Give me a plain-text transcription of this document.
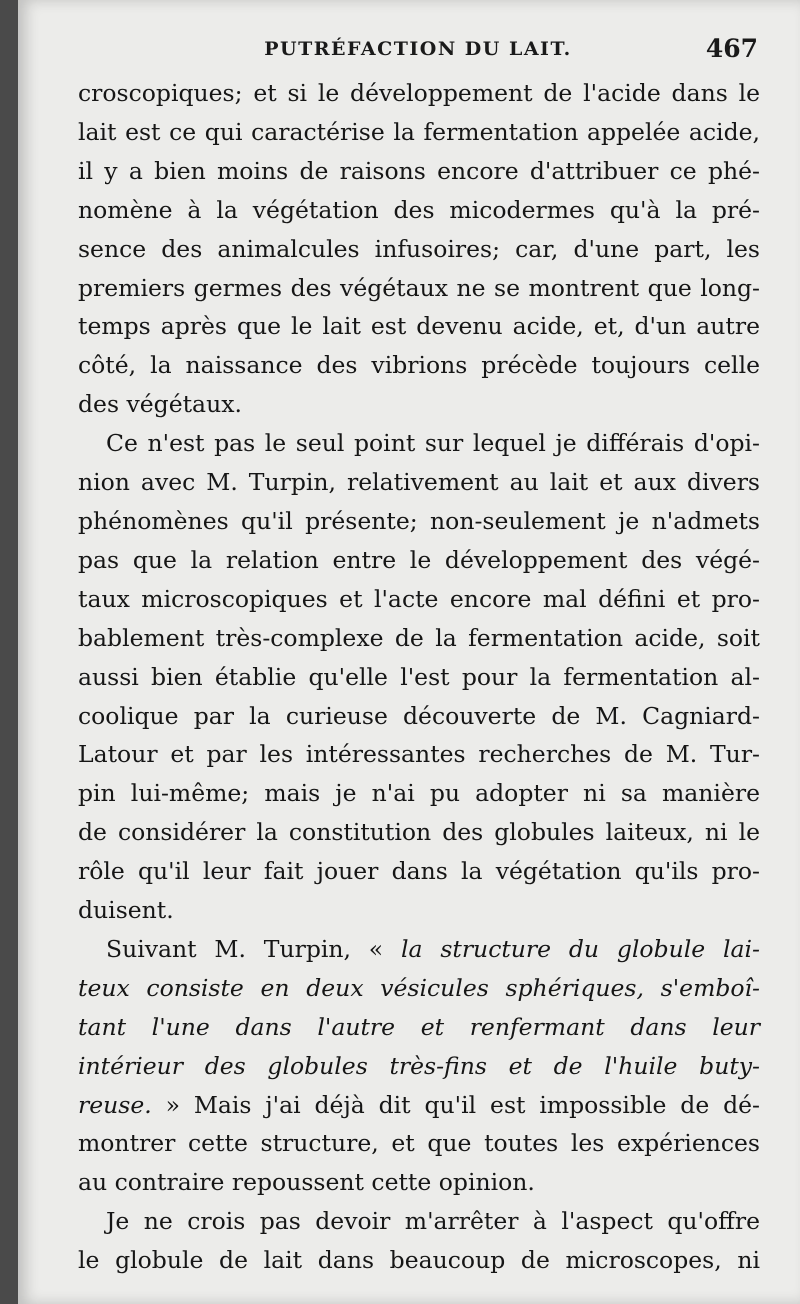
PUTRÉFACTION DU LAIT.	467
croscopiques; et si le développement de l'acide dans le
lait est ce qui caractérise la fermentation appelée acide,
il y a bien moins de raisons encore d'attribuer ce phé-
nomène à la végétation des micodermes qu'à la pré-
sence des animalcules infusoires; car, d'une part, les
premiers germes des végétaux ne se montrent que long-
temps après que le lait est devenu acide, et, d'un autre
côté, la naissance des vibrions précède toujours celle
des végétaux.
Ce n'est pas le seul point sur lequel je différais d'opi-
nion avec M. Turpin, relativement au lait et aux divers
phénomènes qu'il présente; non-seulement je n'admets
pas que la relation entre le développement des végé-
taux microscopiques et l'acte encore mal défini et pro-
bablement très-complexe de la fermentation acide, soit
aussi bien établie qu'elle l'est pour la fermentation al-
coolique par la curieuse découverte de M. Cagniard-
Latour et par les intéressantes recherches de M. Tur-
pin lui-même; mais je n'ai pu adopter ni sa manière
de considérer la constitution des globules laiteux, ni le
rôle qu'il leur fait jouer dans la végétation qu'ils pro-
duisent.
Suivant M. Turpin, « la structure du globule lai-
teux consiste en deux vésicules sphériques, s'emboî-
tant l'une dans l'autre et renfermant dans leur
intérieur des globules très-fins et de l'huile buty-
reuse. » Mais j'ai déjà dit qu'il est impossible de dé-
montrer cette structure, et que toutes les expériences
au contraire repoussent cette opinion.
Je ne crois pas devoir m'arrêter à l'aspect qu'offre
le globule de lait dans beaucoup de microscopes, ni
